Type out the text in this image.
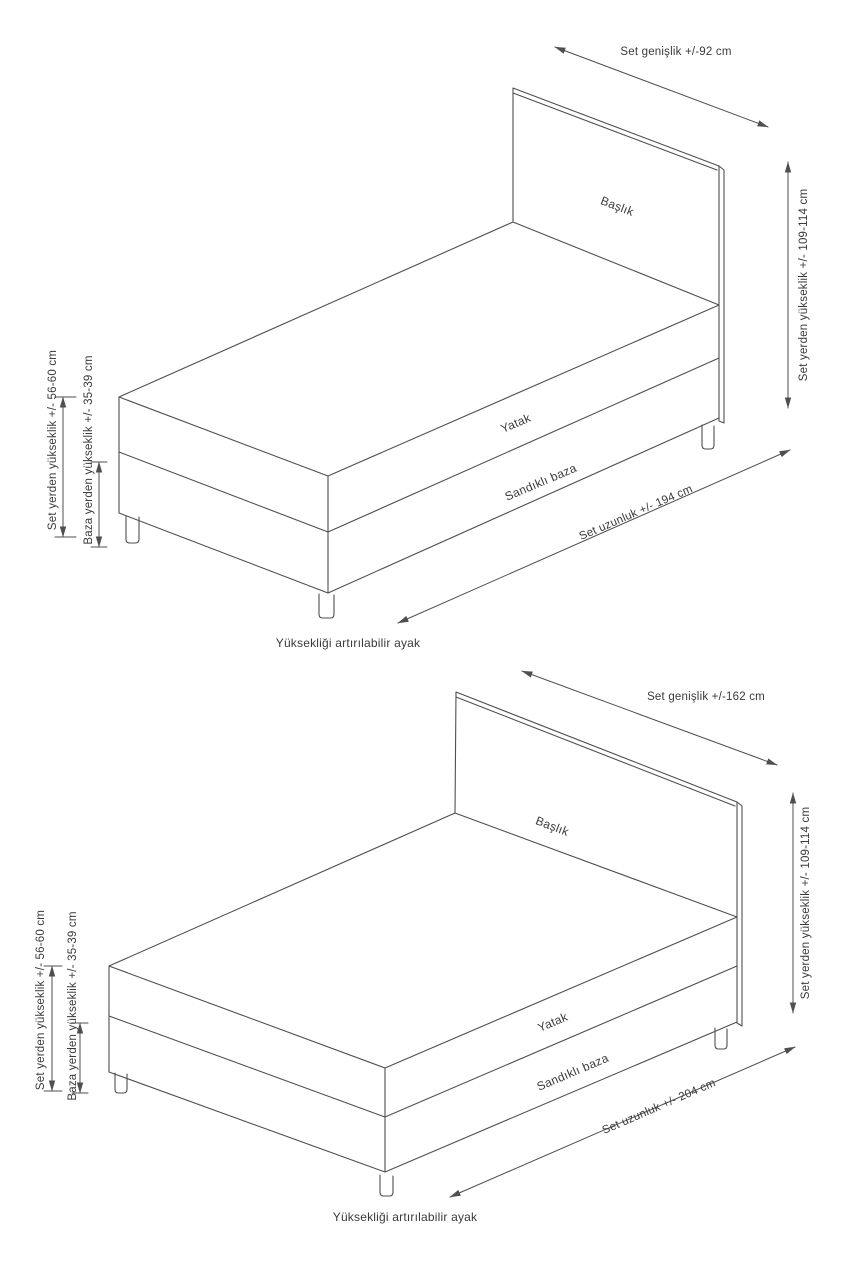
Set genişlik +/-92 cm
Set yerden yükseklik +/- 109-114 cm
Set uzunluk +/- 194 cm
Set yerden yükseklik +/- 56-60 cm Baza yerden yükseklik +/- 35-39 cm
Başlık
Yatak
Sandıklı baza
Yüksekliği artırılabilir ayak
Set genişlik +/-162 cm
Set yerden yükseklik +/- 109-114 cm
Set uzunluk +/- 204 cm
Set yerden yükseklik +/- 56-60 cm Baza yerden yükseklik +/- 35-39 cm
Başlık
Yatak
Sandıklı baza
Yüksekliği artırılabilir ayak
